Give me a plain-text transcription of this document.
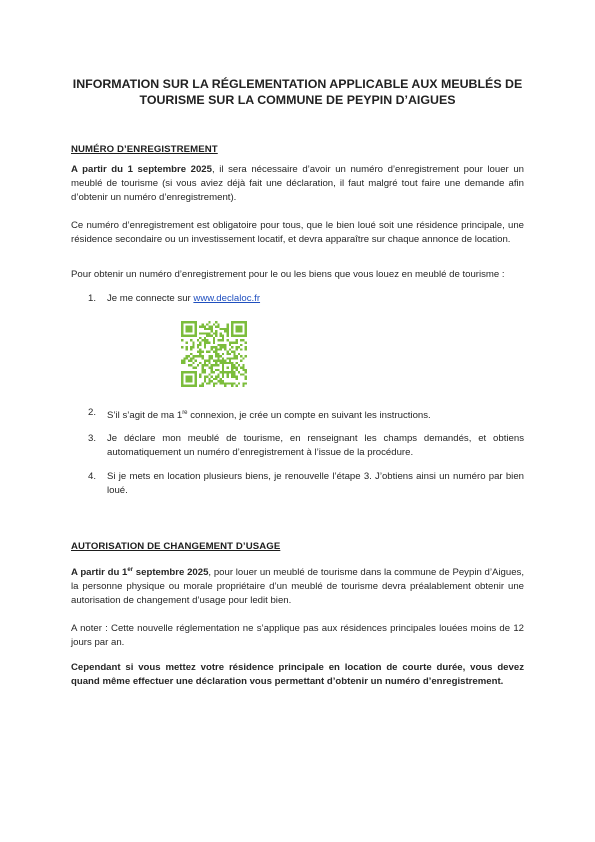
INFORMATION SUR LA RÉGLEMENTATION APPLICABLE AUX MEUBLÉS DE
TOURISME SUR LA COMMUNE DE PEYPIN D’AIGUES
NUMÉRO D’ENREGISTREMENT
A partir du 1 septembre 2025, il sera nécessaire d’avoir un numéro d’enregistrement pour louer un meublé de tourisme (si vous aviez déjà fait une déclaration, il faut malgré tout faire une demande afin d’obtenir un numéro d’enregistrement).
Ce numéro d’enregistrement est obligatoire pour tous, que le bien loué soit une résidence principale, une résidence secondaire ou un investissement locatif, et devra apparaître sur chaque annonce de location.
Pour obtenir un numéro d’enregistrement pour le ou les biens que vous louez en meublé de tourisme :
1. Je me connecte sur www.declaloc.fr
2. S’il s’agit de ma 1re connexion, je crée un compte en suivant les instructions.
3. Je déclare mon meublé de tourisme, en renseignant les champs demandés, et obtiens automatiquement un numéro d’enregistrement à l’issue de la procédure.
4. Si je mets en location plusieurs biens, je renouvelle l’étape 3. J’obtiens ainsi un numéro par bien loué.
AUTORISATION DE CHANGEMENT D’USAGE
A partir du 1er septembre 2025, pour louer un meublé de tourisme dans la commune de Peypin d’Aigues, la personne physique ou morale propriétaire d’un meublé de tourisme devra préalablement obtenir une autorisation de changement d’usage pour ledit bien.
A noter : Cette nouvelle réglementation ne s’applique pas aux résidences principales louées moins de 12 jours par an.
Cependant si vous mettez votre résidence principale en location de courte durée, vous devez quand même effectuer une déclaration vous permettant d’obtenir un numéro d’enregistrement.
